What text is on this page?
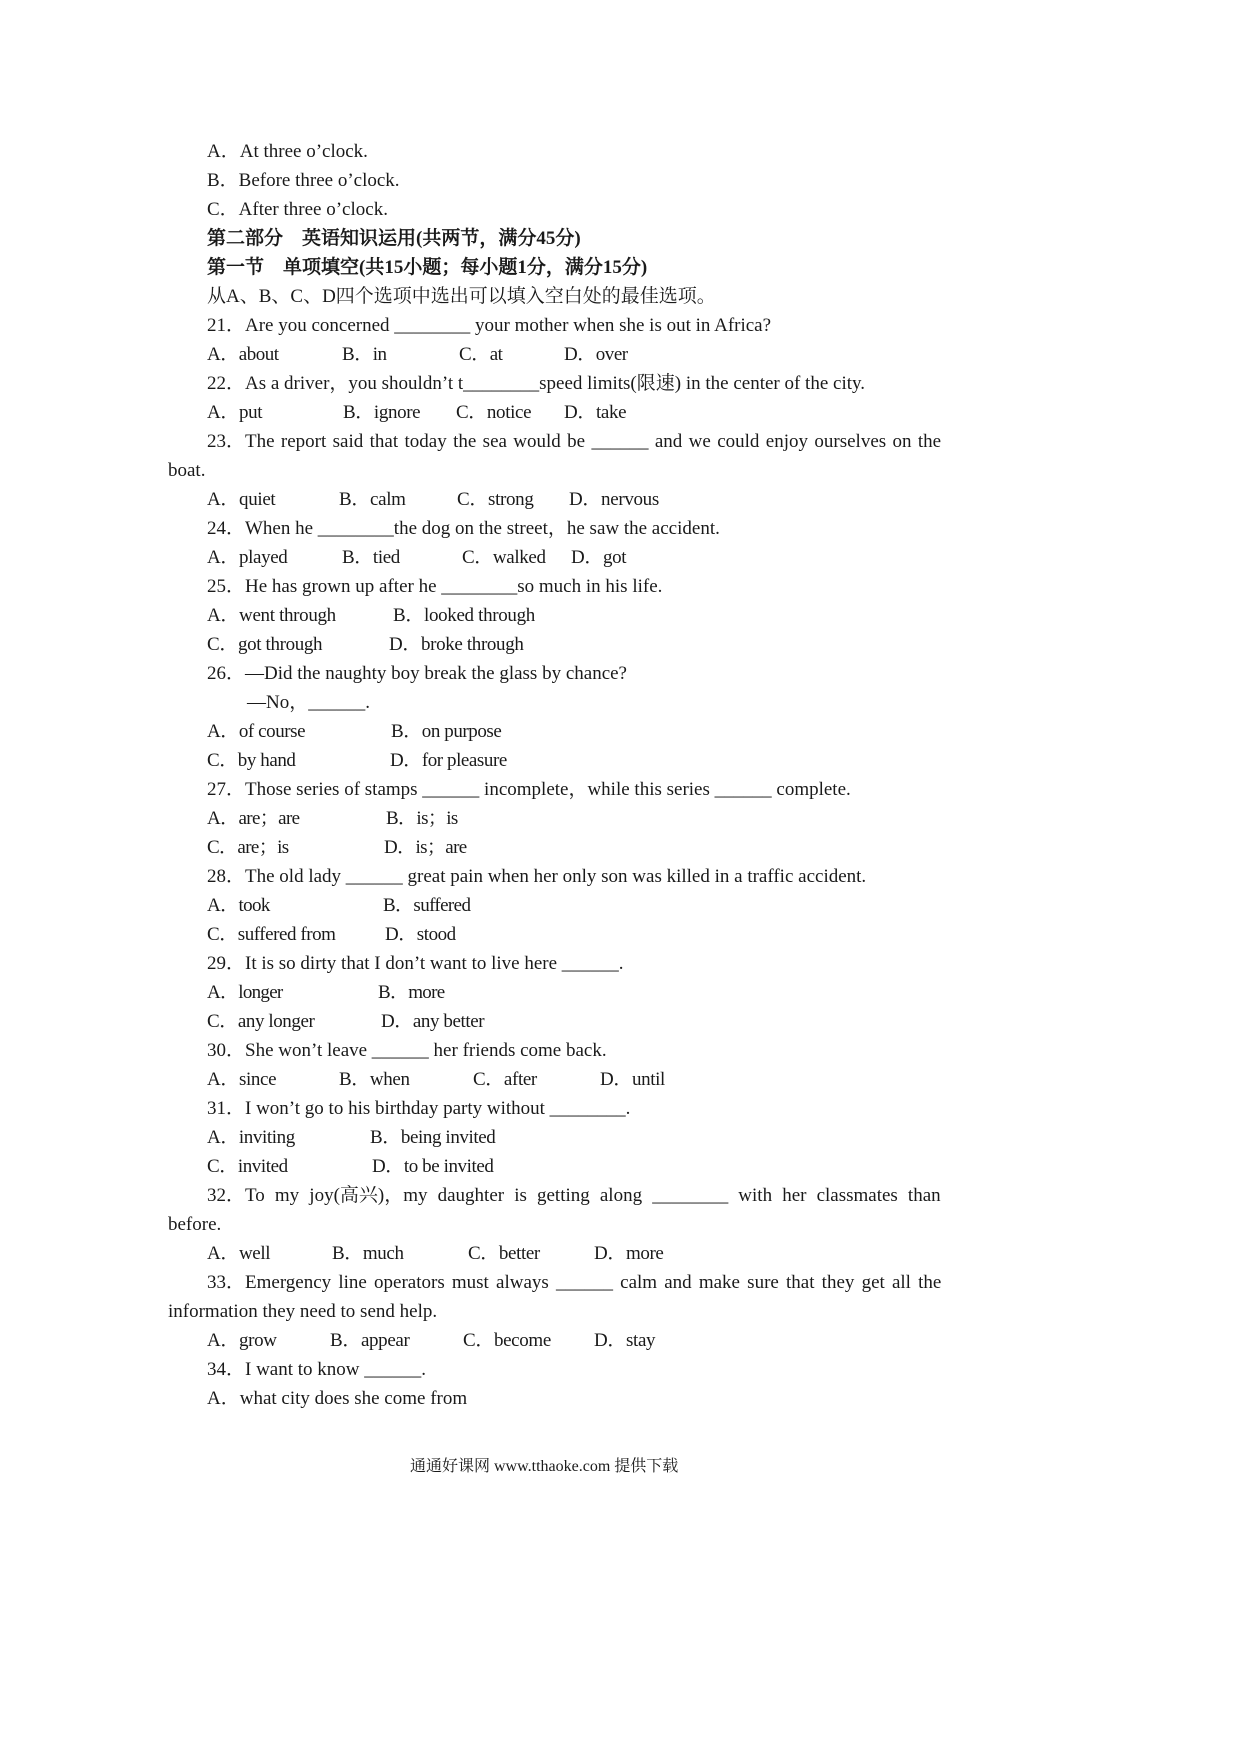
A．At three o’clock.
B．Before three o’clock.
C．After three o’clock.
第二部分　英语知识运用(共两节，满分45分)
第一节　单项填空(共15小题；每小题1分，满分15分)
从A、B、C、D四个选项中选出可以填入空白处的最佳选项。
21．Are you concerned ________ your mother when she is out in Africa?
A．about	B．in	C．at	D．over
22．As a driver，you shouldn’t t________speed limits(限速) in the center of the city.
A．put	B．ignore C．notice D．take
23．The report said that today the sea would be ______ and we could enjoy ourselves on the
boat.
A．quiet	B．calm	C．strong D．nervous
24．When he ________the dog on the street，he saw the accident.
A．played	B．tied	C．walked D．got
25．He has grown up after he ________so much in his life.
A．went through	B．looked through
C．got through	D．broke through
26．—Did the naughty boy break the glass by chance?
—No，______.
A．of course	B．on purpose
C．by hand	D．for pleasure
27．Those series of stamps ______ incomplete，while this series ______ complete.
A．are；are	B．is；is
C．are；is	D．is；are
28．The old lady ______ great pain when her only son was killed in a traffic accident.
A．took	B．suffered
C．suffered from	D．stood
29．It is so dirty that I don’t want to live here ______.
A．longer	B．more
C．any longer	D．any better
30．She won’t leave ______ her friends come back.
A．since	B．when	C．after	D．until
31．I won’t go to his birthday party without ________.
A．inviting	B．being invited
C．invited	D．to be invited
32．To my joy(高兴)，my daughter is getting along ________ with her classmates than
before.
A．well	B．much	C．better	D．more
33．Emergency line operators must always ______ calm and make sure that they get all the
information they need to send help.
A．grow	B．appear	C．become D．stay
34．I want to know ______.
A．what city does she come from
通通好课网 www.tthaoke.com 提供下载
